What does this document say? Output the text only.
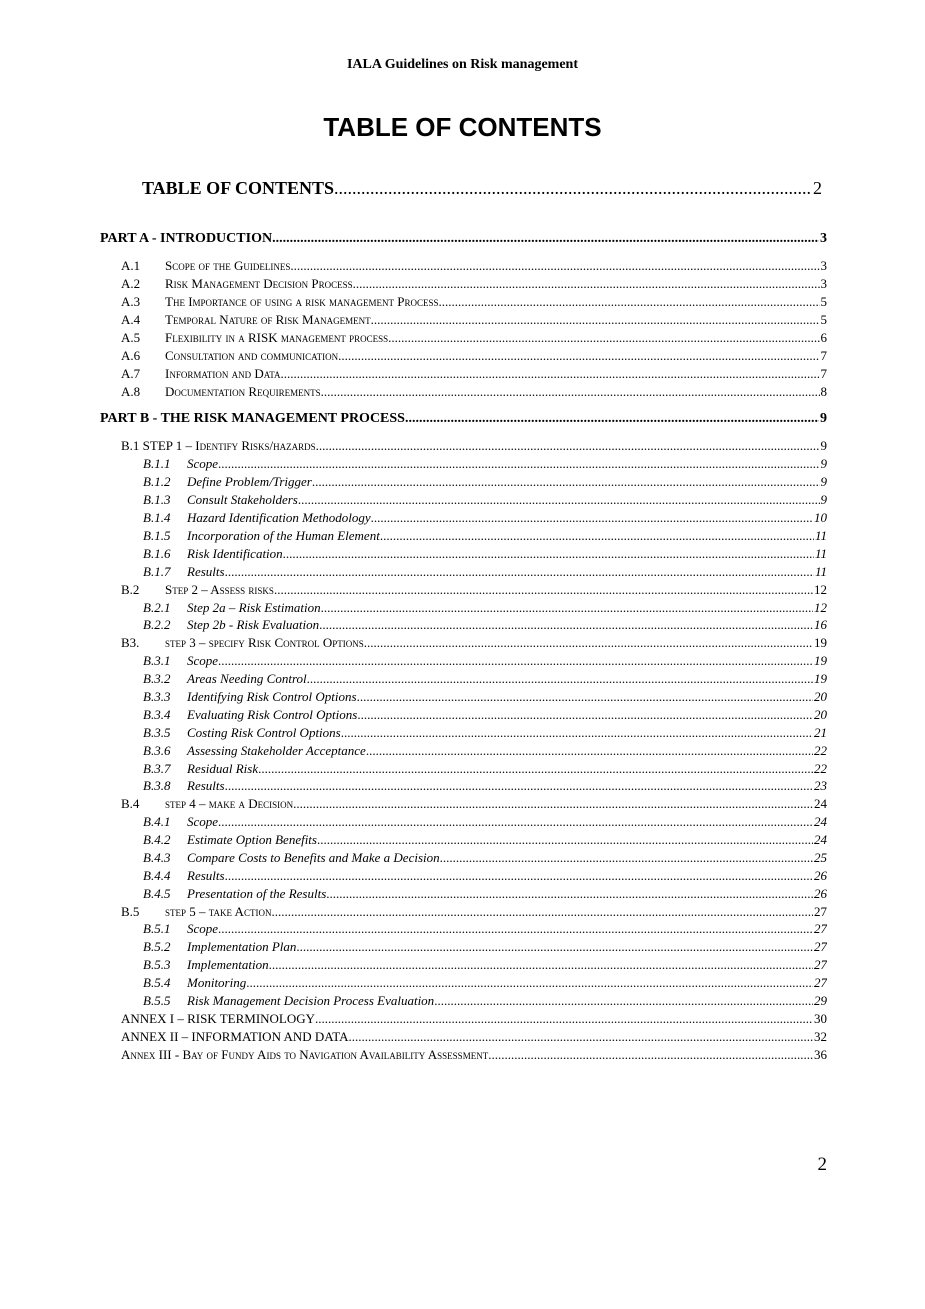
IALA Guidelines on Risk management
TABLE OF CONTENTS
TABLE OF CONTENTS .....	2
PART A - INTRODUCTION .....	3
A.1	Scope of the Guidelines .....	3
A.2	Risk Management Decision Process .....	3
A.3	The Importance of using a risk management Process .....	5
A.4	Temporal Nature of Risk Management .....	5
A.5	Flexibility in a RISK management process .....	6
A.6	Consultation and communication .....	7
A.7	Information and Data .....	7
A.8	Documentation Requirements .....	8
PART B - THE RISK MANAGEMENT PROCESS .....	9
B.1 STEP 1 – Identify Risks/hazards .....	9
B.1.1	Scope .....	9
B.1.2	Define Problem/Trigger .....	9
B.1.3	Consult Stakeholders .....	9
B.1.4	Hazard Identification Methodology .....	10
B.1.5	Incorporation of the Human Element .....	11
B.1.6	Risk Identification .....	11
B.1.7	Results .....	11
B.2	Step 2 – Assess risks .....	12
B.2.1	Step 2a – Risk Estimation .....	12
B.2.2	Step 2b - Risk Evaluation .....	16
B3.	step 3 – specify Risk Control Options .....	19
B.3.1	Scope .....	19
B.3.2	Areas Needing Control .....	19
B.3.3	Identifying Risk Control Options .....	20
B.3.4	Evaluating Risk Control Options .....	20
B.3.5	Costing Risk Control Options .....	21
B.3.6	Assessing Stakeholder Acceptance .....	22
B.3.7	Residual Risk .....	22
B.3.8	Results .....	23
B.4	step 4 – make a Decision .....	24
B.4.1	Scope .....	24
B.4.2	Estimate Option Benefits .....	24
B.4.3	Compare Costs to Benefits and Make a Decision .....	25
B.4.4	Results .....	26
B.4.5	Presentation of the Results .....	26
B.5	step 5 – take Action .....	27
B.5.1	Scope .....	27
B.5.2	Implementation Plan .....	27
B.5.3	Implementation .....	27
B.5.4	Monitoring .....	27
B.5.5	Risk Management Decision Process Evaluation .....	29
ANNEX I – RISK TERMINOLOGY .....	30
ANNEX II – INFORMATION AND DATA .....	32
Annex III - Bay of Fundy Aids to Navigation Availability Assessment .....	36
2
